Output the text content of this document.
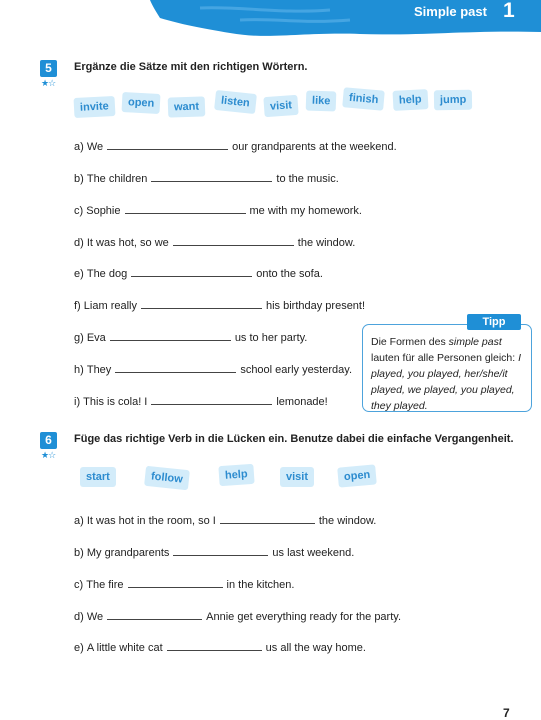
Simple past 1
5
★☆
Ergänze die Sätze mit den richtigen Wörtern.
invite	open	want	listen	visit	like	finish	help	jump
a)
We	our grandparents at the weekend.
b)
The children	to the music.
c)
Sophie	me with my homework.
d)
It was hot, so we	the window.
e)
The dog	onto the sofa.
f)
Liam really	his birthday present!
g)
Eva	us to her party.
h)
They	school early yesterday.
i)
This is cola! I	lemonade!
Tipp
Die Formen des simple past lauten für alle Personen gleich: I played, you played, her/she/it played, we played, you played, they played.
6
★☆
Füge das richtige Verb in die Lücken ein. Benutze dabei die einfache Vergangenheit.
start	follow	help	visit	open
a)
It was hot in the room, so I	the window.
b)
My grandparents	us last weekend.
c)
The fire	in the kitchen.
d)
We	Annie get everything ready for the party.
e)
A little white cat	us all the way home.
7
